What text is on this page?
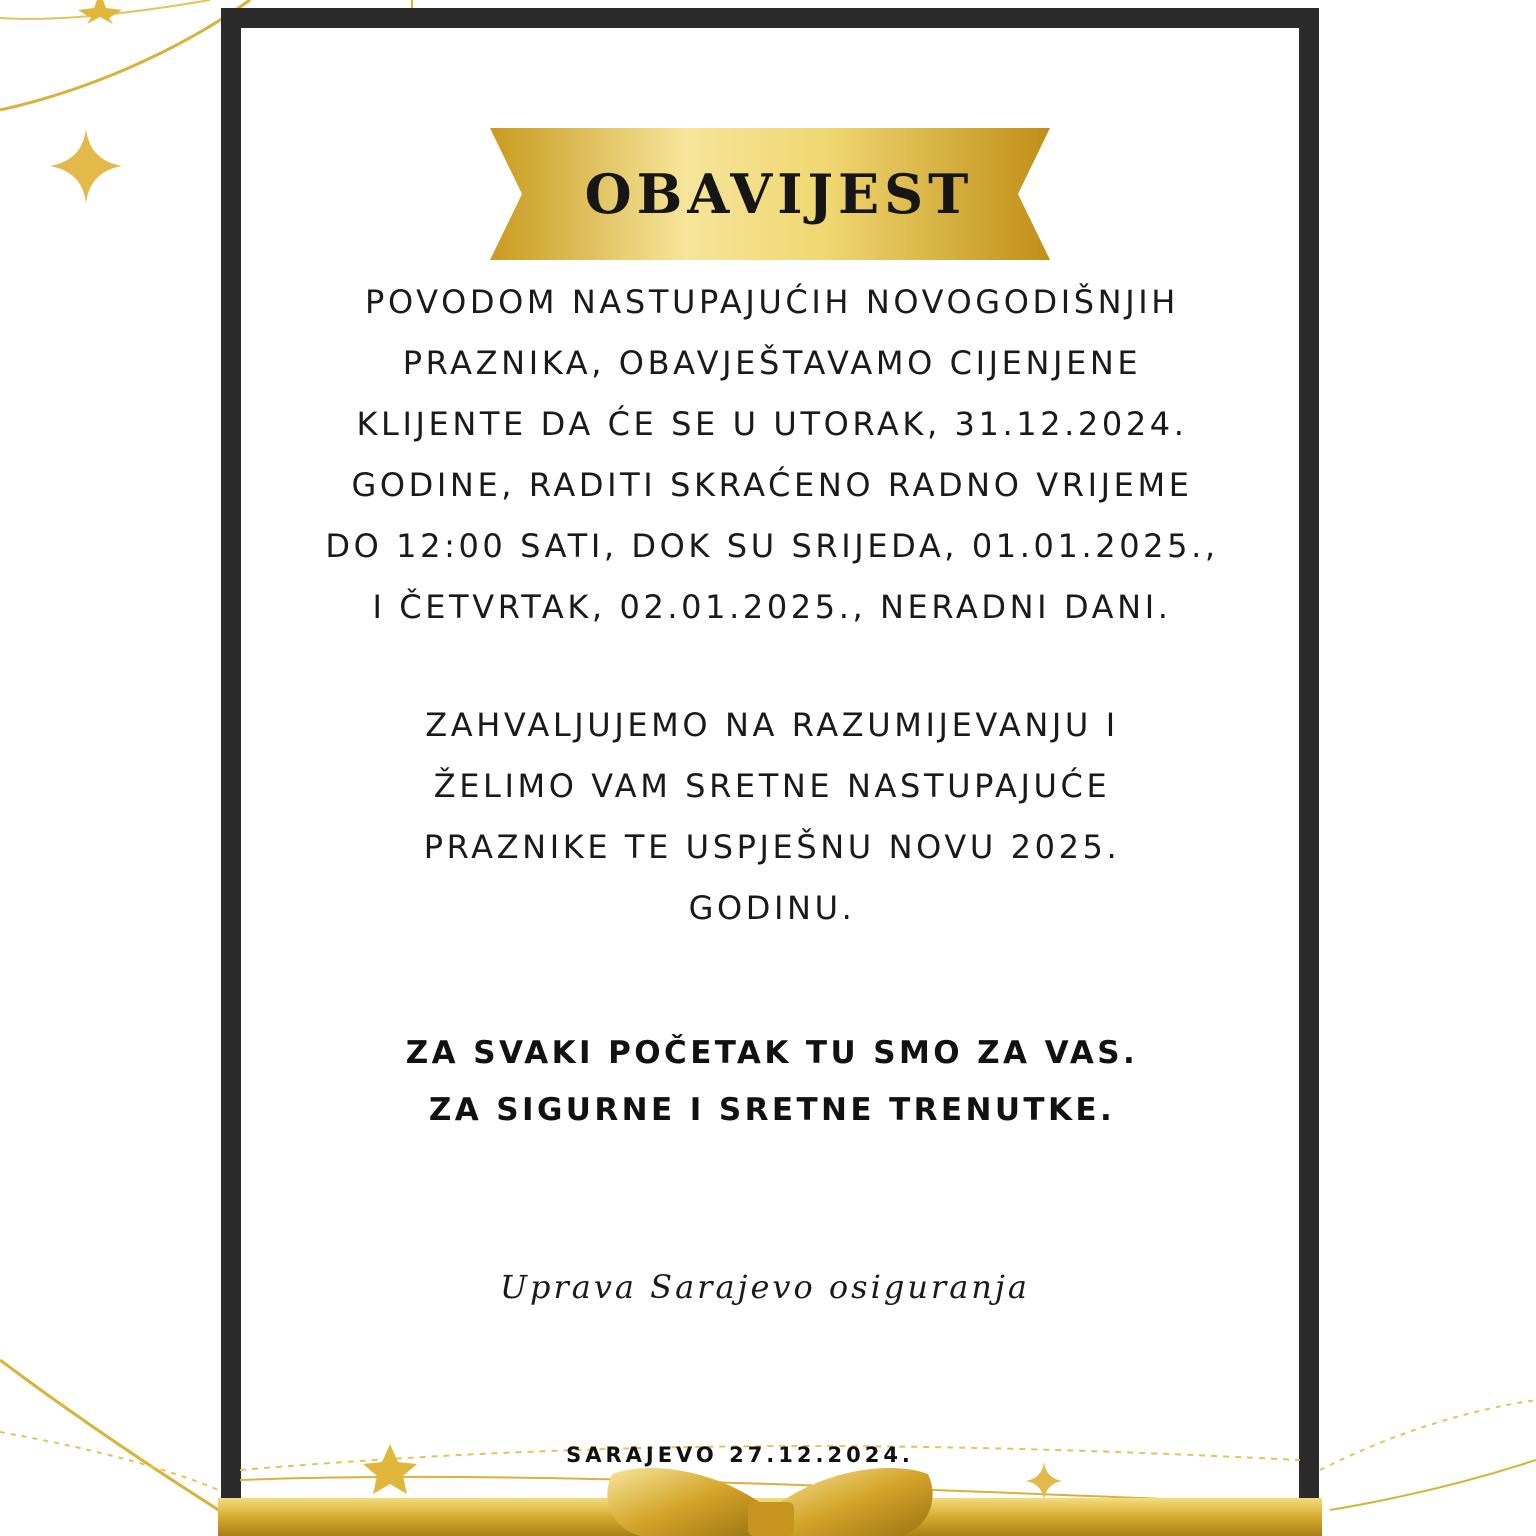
OBAVIJEST

POVODOM NASTUPAJUĆIH NOVOGODIŠNJIH
PRAZNIKA, OBAVJEŠTAVAMO CIJENJENE
KLIJENTE DA ĆE SE U UTORAK, 31.12.2024.
GODINE, RADITI SKRAĆENO RADNO VRIJEME
DO 12:00 SATI, DOK SU SRIJEDA, 01.01.2025.,
I ČETVRTAK, 02.01.2025., NERADNI DANI.

ZAHVALJUJEMO NA RAZUMIJEVANJU I
ŽELIMO VAM SRETNE NASTUPAJUĆE
PRAZNIKE TE USPJEŠNU NOVU 2025.
GODINU.

ZA SVAKI POČETAK TU SMO ZA VAS.
ZA SIGURNE I SRETNE TRENUTKE.
Uprava Sarajevo osiguranja
SARAJEVO 27.12.2024.
